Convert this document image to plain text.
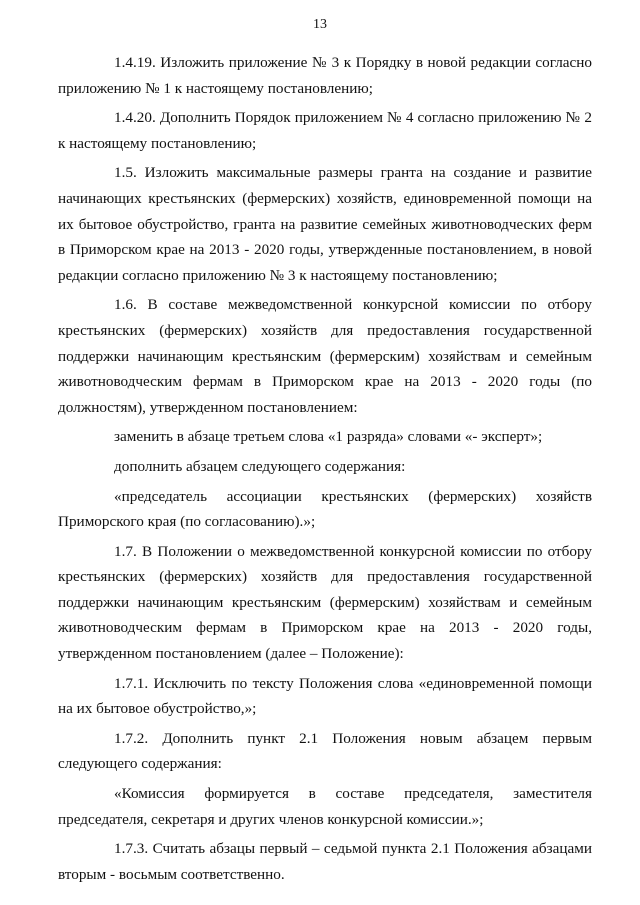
13

1.4.19. Изложить приложение № 3 к Порядку в новой редакции согласно приложению № 1 к настоящему постановлению;

1.4.20. Дополнить Порядок приложением № 4 согласно приложению № 2 к настоящему постановлению;

1.5. Изложить максимальные размеры гранта на создание и развитие начинающих крестьянских (фермерских) хозяйств, единовременной помощи на их бытовое обустройство, гранта на развитие семейных животноводческих ферм в Приморском крае на 2013 - 2020 годы, утвержденные постановлением, в новой редакции согласно приложению № 3 к настоящему постановлению;

1.6. В составе межведомственной конкурсной комиссии по отбору крестьянских (фермерских) хозяйств для предоставления государственной поддержки начинающим крестьянским (фермерским) хозяйствам и семейным животноводческим фермам в Приморском крае на 2013 - 2020 годы (по должностям), утвержденном постановлением:

заменить в абзаце третьем слова «1 разряда» словами «- эксперт»;

дополнить абзацем следующего содержания:

«председатель ассоциации крестьянских (фермерских) хозяйств Приморского края (по согласованию).»;

1.7. В Положении о межведомственной конкурсной комиссии по отбору крестьянских (фермерских) хозяйств для предоставления государственной поддержки начинающим крестьянским (фермерским) хозяйствам и семейным животноводческим фермам в Приморском крае на 2013 - 2020 годы, утвержденном постановлением (далее – Положение):

1.7.1. Исключить по тексту Положения слова «единовременной помощи на их бытовое обустройство,»;

1.7.2. Дополнить пункт 2.1 Положения новым абзацем первым следующего содержания:

«Комиссия формируется в составе председателя, заместителя председателя, секретаря и других членов конкурсной комиссии.»;

1.7.3. Считать абзацы первый – седьмой пункта 2.1 Положения абзацами вторым - восьмым соответственно.
